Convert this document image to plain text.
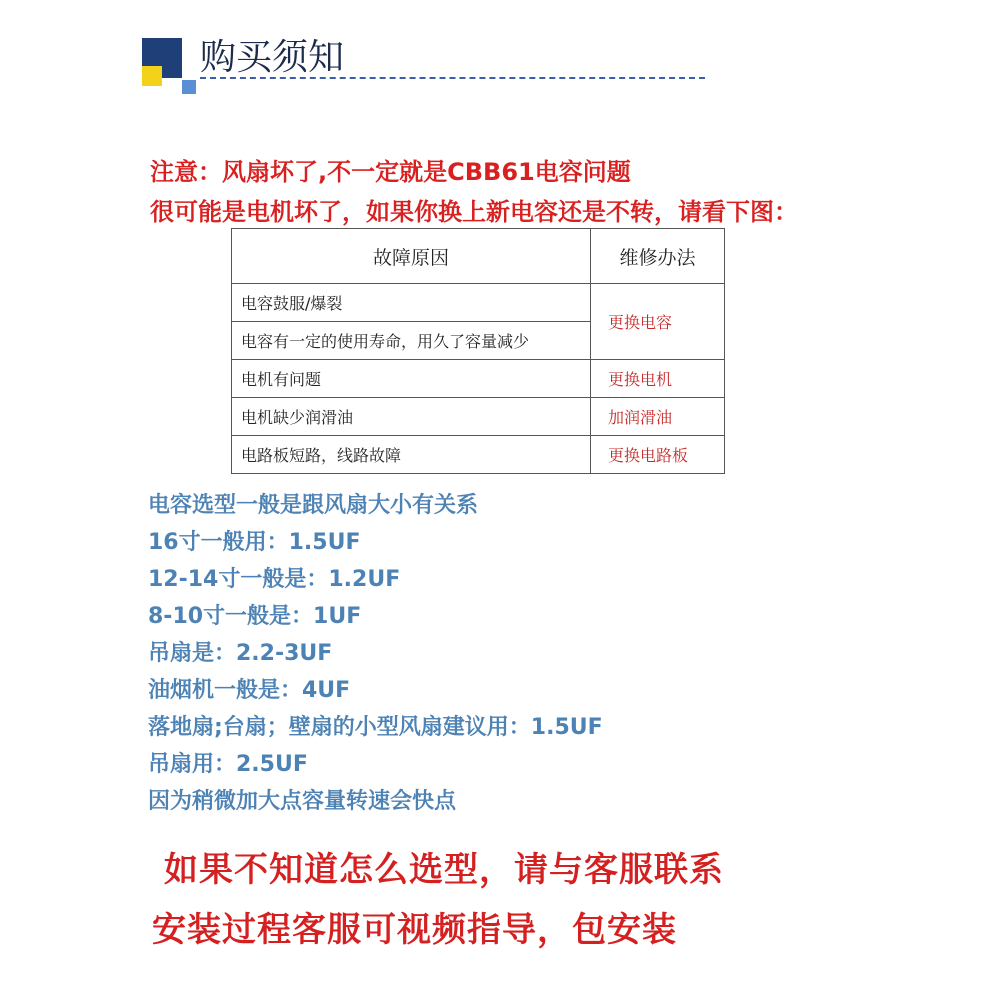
购买须知
注意：风扇坏了,不一定就是CBB61电容问题
很可能是电机坏了，如果你换上新电容还是不转，请看下图：
故障原因	维修办法
电容鼓服/爆裂	更换电容
电容有一定的使用寿命，用久了容量减少	
电机有问题	更换电机
电机缺少润滑油	加润滑油
电路板短路，线路故障	更换电路板
电容选型一般是跟风扇大小有关系
16寸一般用：1.5UF
12-14寸一般是：1.2UF
8-10寸一般是：1UF
吊扇是：2.2-3UF
油烟机一般是：4UF
落地扇;台扇；壁扇的小型风扇建议用：1.5UF
吊扇用：2.5UF
因为稍微加大点容量转速会快点
如果不知道怎么选型，请与客服联系
安装过程客服可视频指导，包安装
